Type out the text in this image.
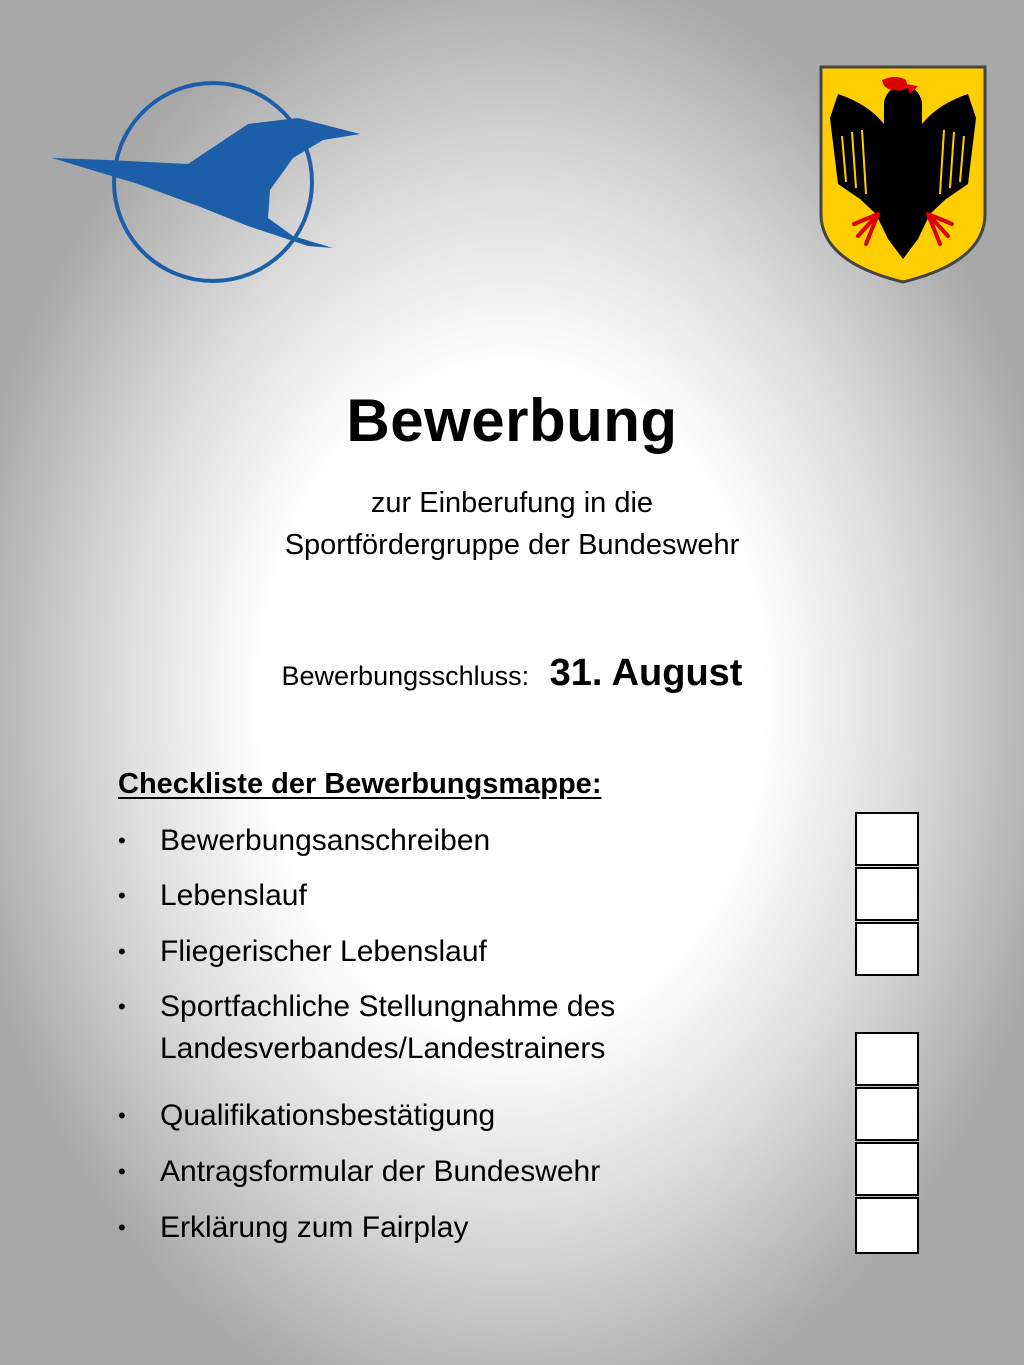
Bewerbung
zur Einberufung in die
Sportfördergruppe der Bundeswehr
Bewerbungsschluss: 31. August
Checkliste der Bewerbungsmappe:
•	Bewerbungsanschreiben
•	Lebenslauf
•	Fliegerischer Lebenslauf
•	Sportfachliche Stellungnahme des Landesverbandes/Landestrainers
•	Qualifikationsbestätigung
•	Antragsformular der Bundeswehr
•	Erklärung zum Fairplay
